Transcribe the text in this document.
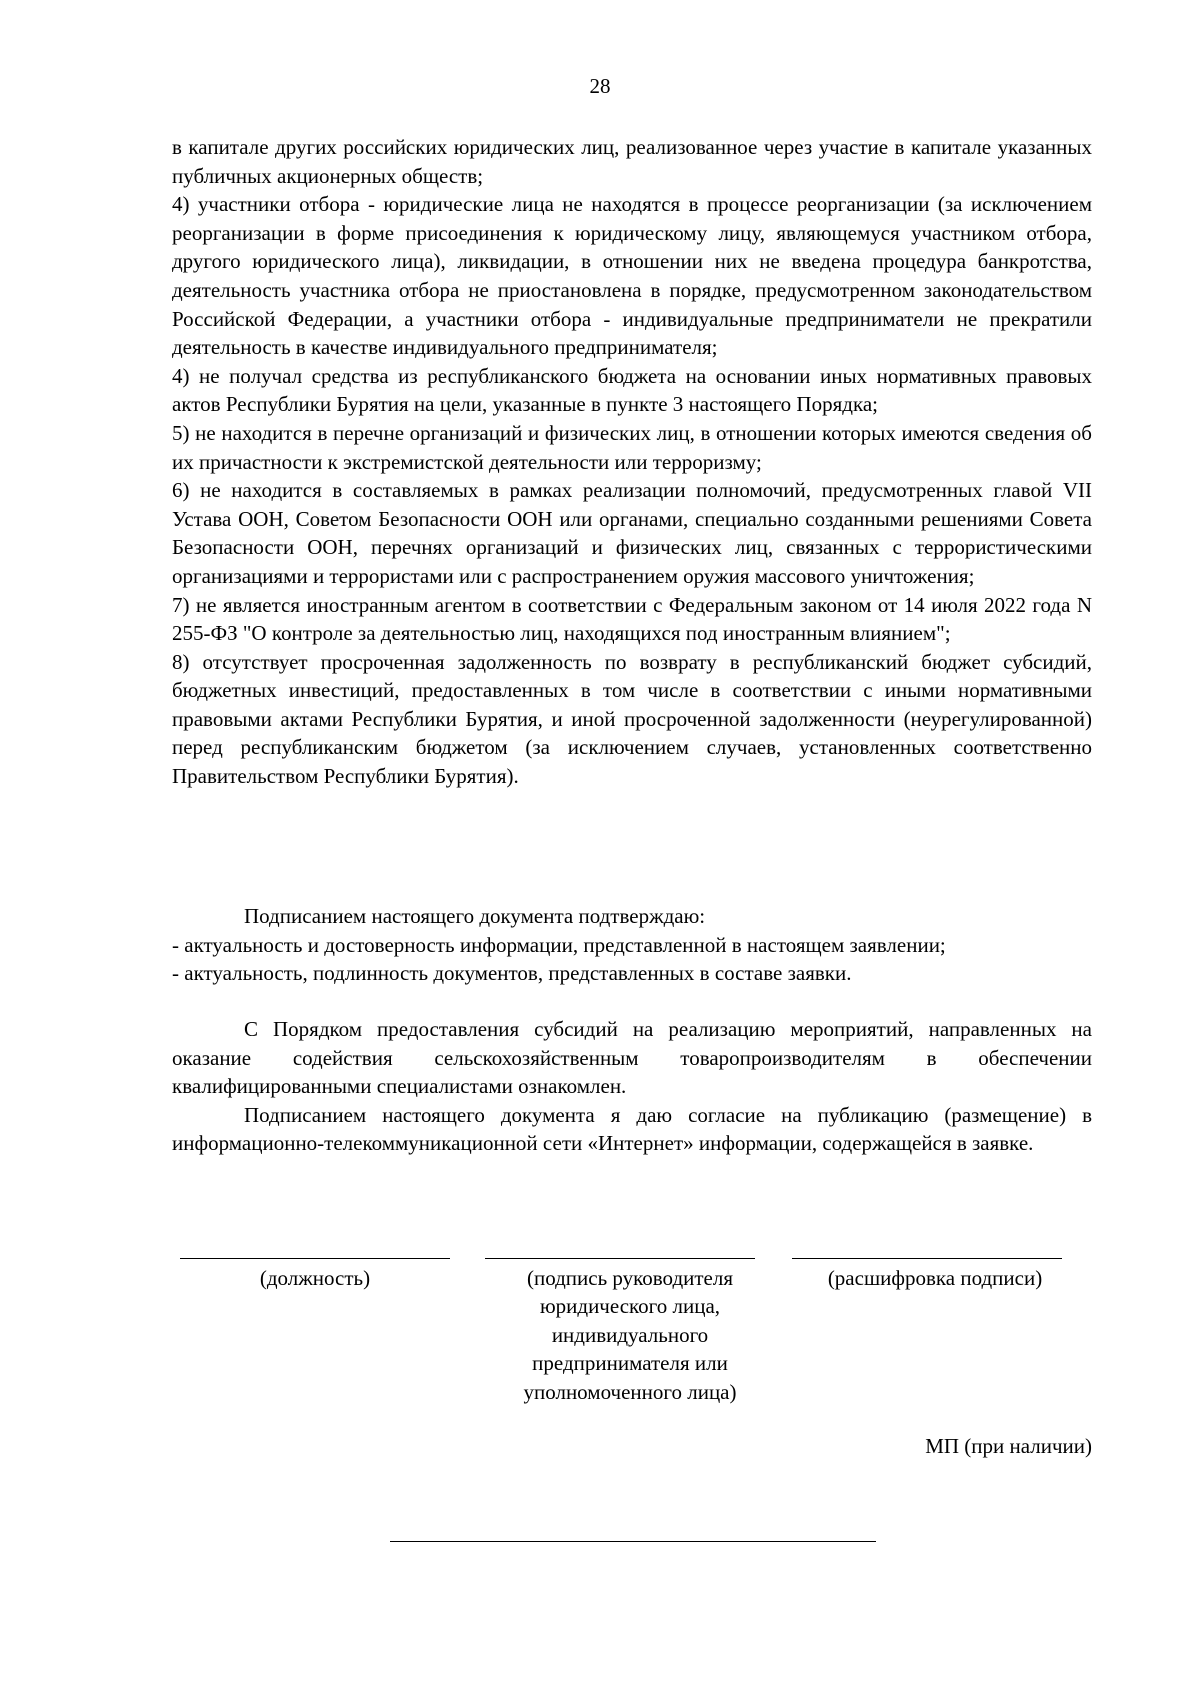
28

в капитале других российских юридических лиц, реализованное через участие в капитале указанных публичных акционерных обществ;

4) участники отбора - юридические лица не находятся в процессе реорганизации (за исключением реорганизации в форме присоединения к юридическому лицу, являющемуся участником отбора, другого юридического лица), ликвидации, в отношении них не введена процедура банкротства, деятельность участника отбора не приостановлена в порядке, предусмотренном законодательством Российской Федерации, а участники отбора - индивидуальные предприниматели не прекратили деятельность в качестве индивидуального предпринимателя;

4) не получал средства из республиканского бюджета на основании иных нормативных правовых актов Республики Бурятия на цели, указанные в пункте 3 настоящего Порядка;

5) не находится в перечне организаций и физических лиц, в отношении которых имеются сведения об их причастности к экстремистской деятельности или терроризму;

6) не находится в составляемых в рамках реализации полномочий, предусмотренных главой VII Устава ООН, Советом Безопасности ООН или органами, специально созданными решениями Совета Безопасности ООН, перечнях организаций и физических лиц, связанных с террористическими организациями и террористами или с распространением оружия массового уничтожения;

7) не является иностранным агентом в соответствии с Федеральным законом от 14 июля 2022 года N 255-ФЗ "О контроле за деятельностью лиц, находящихся под иностранным влиянием";

8) отсутствует просроченная задолженность по возврату в республиканский бюджет субсидий, бюджетных инвестиций, предоставленных в том числе в соответствии с иными нормативными правовыми актами Республики Бурятия, и иной просроченной задолженности (неурегулированной) перед республиканским бюджетом (за исключением случаев, установленных соответственно Правительством Республики Бурятия).

Подписанием настоящего документа подтверждаю:

- актуальность и достоверность информации, представленной в настоящем заявлении;

- актуальность, подлинность документов, представленных в составе заявки.

С Порядком предоставления субсидий на реализацию мероприятий, направленных на оказание содействия сельскохозяйственным товаропроизводителям в обеспечении квалифицированными специалистами ознакомлен.

Подписанием настоящего документа я даю согласие на публикацию (размещение) в информационно-телекоммуникационной сети «Интернет» информации, содержащейся в заявке.

(должность)	(подпись руководителя юридического лица, индивидуального предпринимателя или уполномоченного лица)
(расшифровка подписи)
МП (при наличии)
